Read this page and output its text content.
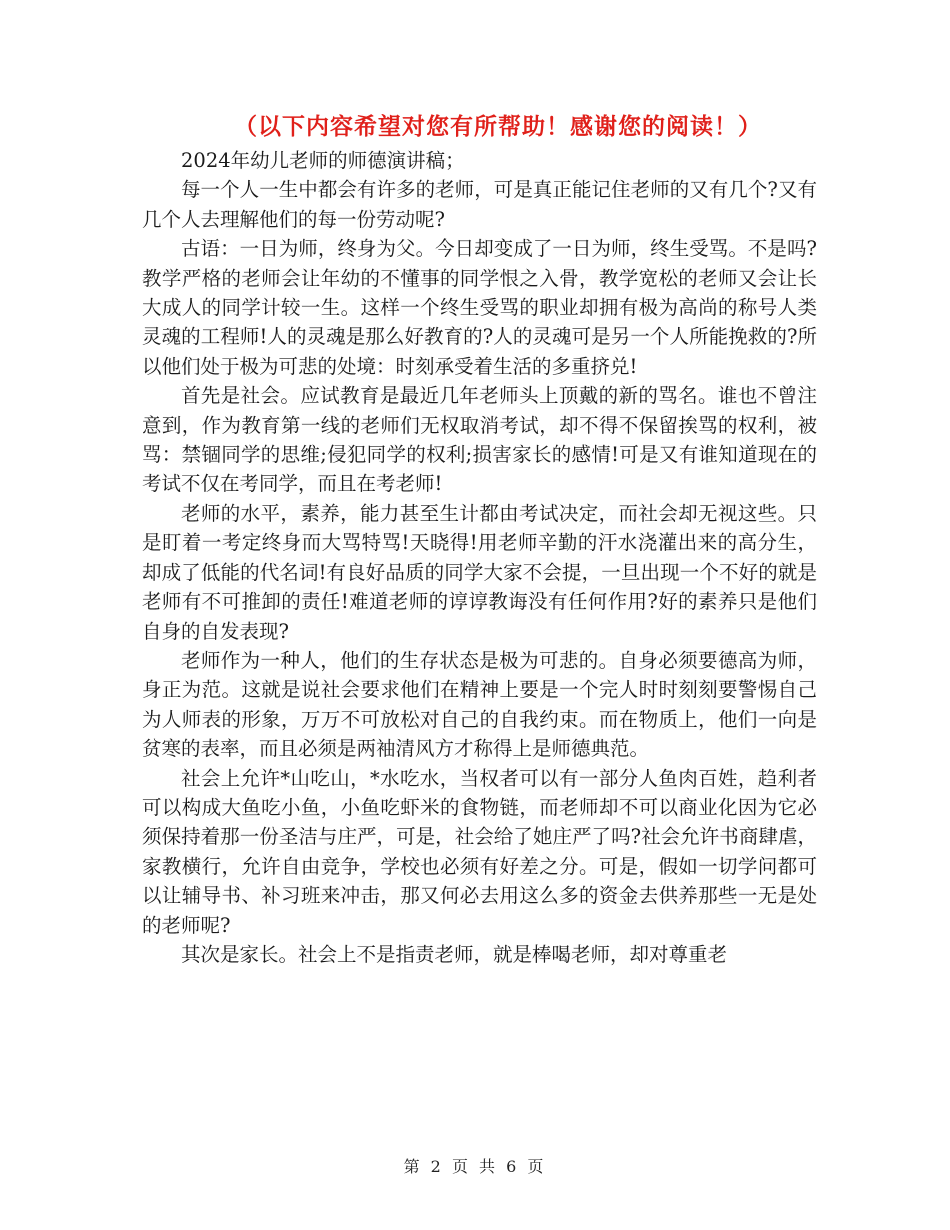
（以下内容希望对您有所帮助！感谢您的阅读！）

2024年幼儿老师的师德演讲稿；

每一个人一生中都会有许多的老师，可是真正能记住老师的又有几个?又有几个人去理解他们的每一份劳动呢?

古语：一日为师，终身为父。今日却变成了一日为师，终生受骂。不是吗?教学严格的老师会让年幼的不懂事的同学恨之入骨，教学宽松的老师又会让长大成人的同学计较一生。这样一个终生受骂的职业却拥有极为高尚的称号人类灵魂的工程师!人的灵魂是那么好教育的?人的灵魂可是另一个人所能挽救的?所以他们处于极为可悲的处境：时刻承受着生活的多重挤兑!

首先是社会。应试教育是最近几年老师头上顶戴的新的骂名。谁也不曾注意到，作为教育第一线的老师们无权取消考试，却不得不保留挨骂的权利，被骂：禁锢同学的思维;侵犯同学的权利;损害家长的感情!可是又有谁知道现在的考试不仅在考同学，而且在考老师!

老师的水平，素养，能力甚至生计都由考试决定，而社会却无视这些。只是盯着一考定终身而大骂特骂!天晓得!用老师辛勤的汗水浇灌出来的高分生，却成了低能的代名词!有良好品质的同学大家不会提，一旦出现一个不好的就是老师有不可推卸的责任!难道老师的谆谆教诲没有任何作用?好的素养只是他们自身的自发表现?

老师作为一种人，他们的生存状态是极为可悲的。自身必须要德高为师，身正为范。这就是说社会要求他们在精神上要是一个完人时时刻刻要警惕自己为人师表的形象，万万不可放松对自己的自我约束。而在物质上，他们一向是贫寒的表率，而且必须是两袖清风方才称得上是师德典范。

社会上允许*山吃山，*水吃水，当权者可以有一部分人鱼肉百姓，趋利者可以构成大鱼吃小鱼，小鱼吃虾米的食物链，而老师却不可以商业化因为它必须保持着那一份圣洁与庄严，可是，社会给了她庄严了吗?社会允许书商肆虐，家教横行，允许自由竞争，学校也必须有好差之分。可是，假如一切学问都可以让辅导书、补习班来冲击，那又何必去用这么多的资金去供养那些一无是处的老师呢?

其次是家长。社会上不是指责老师，就是棒喝老师，却对尊重老

第 2 页 共 6 页
